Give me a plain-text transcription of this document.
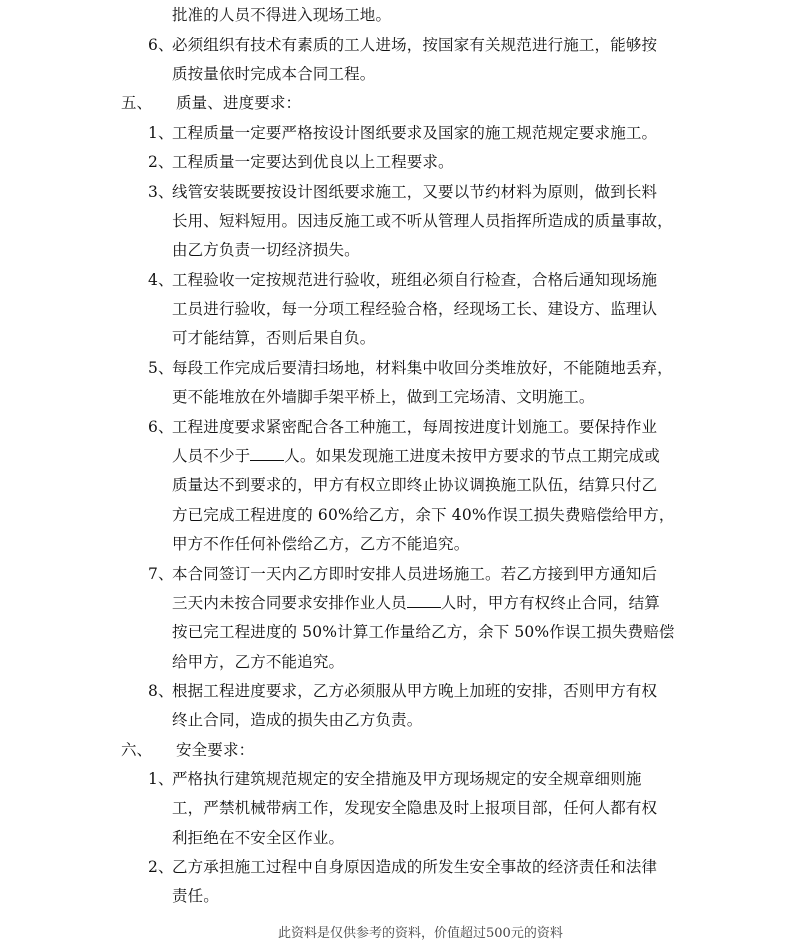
批准的人员不得进入现场工地。
6、
必须组织有技术有素质的工人进场，按国家有关规范进行施工，能够按
质按量依时完成本合同工程。
五、 质量、进度要求：
1、
工程质量一定要严格按设计图纸要求及国家的施工规范规定要求施工。
2、
工程质量一定要达到优良以上工程要求。
3、
线管安装既要按设计图纸要求施工，又要以节约材料为原则，做到长料
长用、短料短用。因违反施工或不听从管理人员指挥所造成的质量事故，
由乙方负责一切经济损失。
4、
工程验收一定按规范进行验收，班组必须自行检查，合格后通知现场施
工员进行验收，每一分项工程经验合格，经现场工长、建设方、监理认
可才能结算，否则后果自负。
5、
每段工作完成后要清扫场地，材料集中收回分类堆放好，不能随地丢弃，
更不能堆放在外墙脚手架平桥上，做到工完场清、文明施工。
6、
工程进度要求紧密配合各工种施工，每周按进度计划施工。要保持作业
人员不少于 人。如果发现施工进度未按甲方要求的节点工期完成或
质量达不到要求的，甲方有权立即终止协议调换施工队伍，结算只付乙
方已完成工程进度的 60%给乙方，余下 40%作误工损失费赔偿给甲方，
甲方不作任何补偿给乙方，乙方不能追究。
7、
本合同签订一天内乙方即时安排人员进场施工。若乙方接到甲方通知后
三天内未按合同要求安排作业人员 人时，甲方有权终止合同，结算
按已完工程进度的 50%计算工作量给乙方，余下 50%作误工损失费赔偿
给甲方，乙方不能追究。
8、
根据工程进度要求，乙方必须服从甲方晚上加班的安排，否则甲方有权
终止合同，造成的损失由乙方负责。
六、 安全要求：
1、
严格执行建筑规范规定的安全措施及甲方现场规定的安全规章细则施
工，严禁机械带病工作，发现安全隐患及时上报项目部，任何人都有权
利拒绝在不安全区作业。
2、
乙方承担施工过程中自身原因造成的所发生安全事故的经济责任和法律
责任。
此资料是仅供参考的资料，价值超过500元的资料
